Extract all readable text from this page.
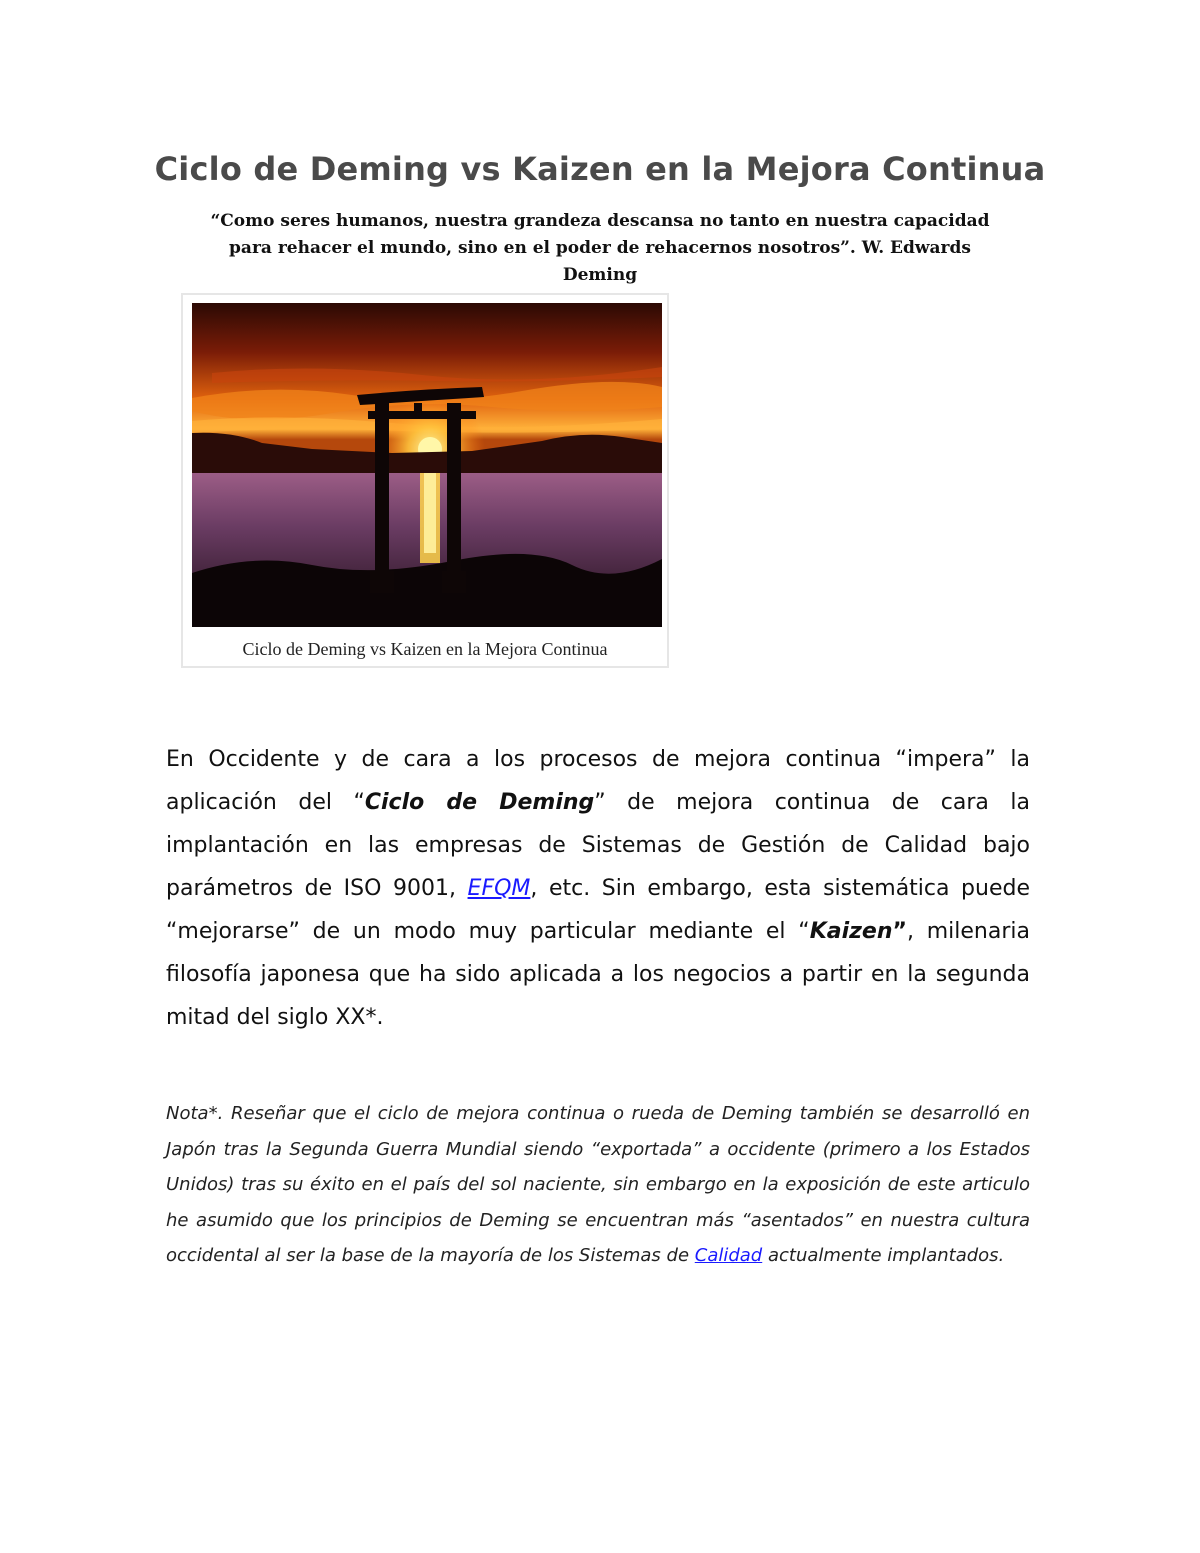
Ciclo de Deming vs Kaizen en la Mejora Continua
“Como seres humanos, nuestra grandeza descansa no tanto en nuestra capacidad para rehacer el mundo, sino en el poder de rehacernos nosotros”. W. Edwards Deming
Ciclo de Deming vs Kaizen en la Mejora Continua
En Occidente y de cara a los procesos de mejora continua “impera” la aplicación del “Ciclo de Deming” de mejora continua de cara la implantación en las empresas de Sistemas de Gestión de Calidad bajo parámetros de ISO 9001, EFQM, etc. Sin embargo, esta sistemática puede “mejorarse” de un modo muy particular mediante el “Kaizen”, milenaria filosofía japonesa que ha sido aplicada a los negocios a partir en la segunda mitad del siglo XX*.
Nota*. Reseñar que el ciclo de mejora continua o rueda de Deming también se desarrolló en Japón tras la Segunda Guerra Mundial siendo “exportada” a occidente (primero a los Estados Unidos) tras su éxito en el país del sol naciente, sin embargo en la exposición de este articulo he asumido que los principios de Deming se encuentran más “asentados” en nuestra cultura occidental al ser la base de la mayoría de los Sistemas de Calidad actualmente implantados.
